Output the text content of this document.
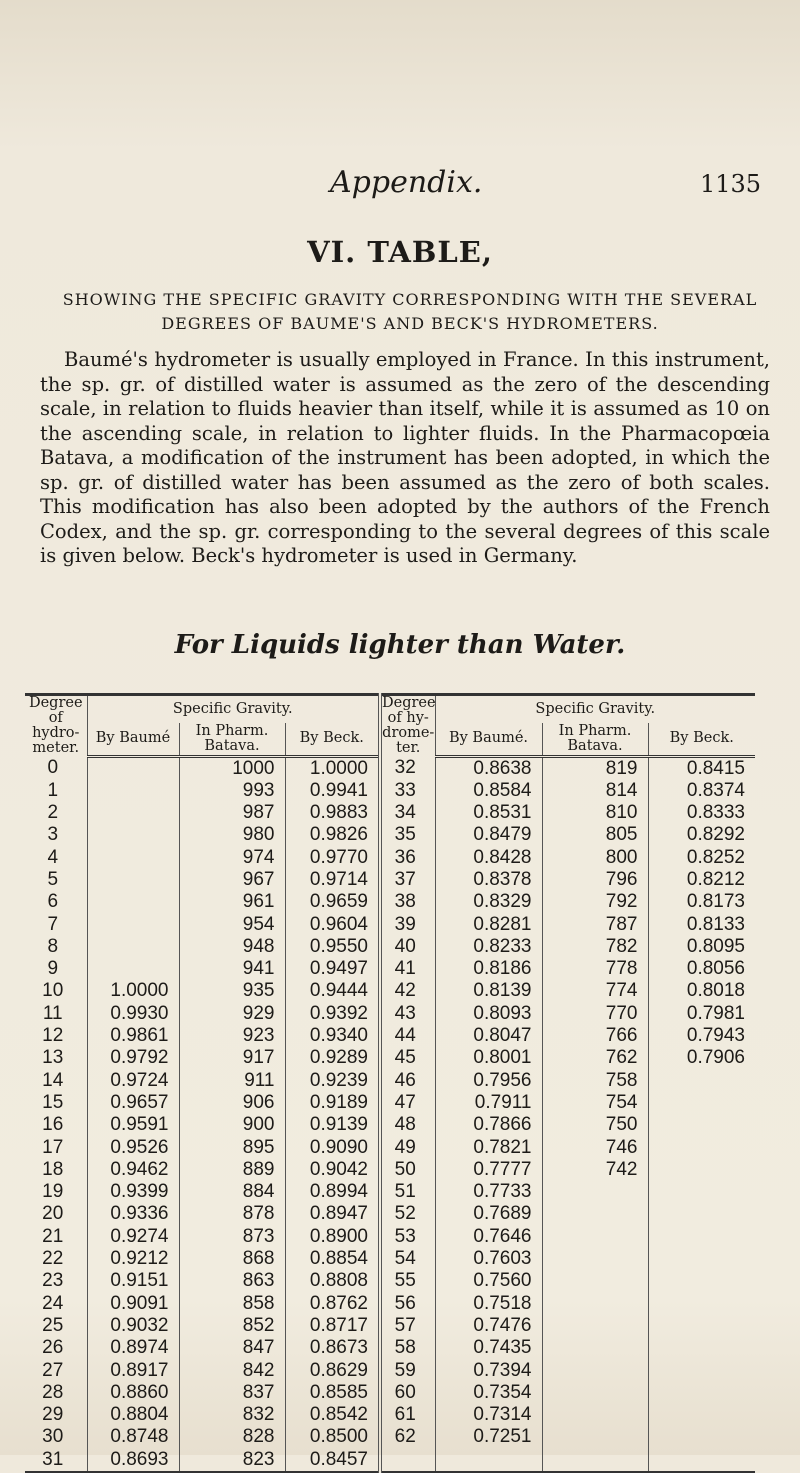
Appendix.	1135
VI. TABLE,
SHOWING THE SPECIFIC GRAVITY CORRESPONDING WITH THE SEVERAL DEGREES OF BAUME'S AND BECK'S HYDROMETERS.

Baumé's hydrometer is usually employed in France. In this instrument, the sp. gr. of distilled water is assumed as the zero of the descending scale, in relation to fluids heavier than itself, while it is assumed as 10 on the ascending scale, in relation to lighter fluids. In the Pharmacopœia Batava, a modification of the instrument has been adopted, in which the sp. gr. of distilled water has been assumed as the zero of both scales. This modification has also been adopted by the authors of the French Codex, and the sp. gr. corresponding to the several degrees of this scale is given below. Beck's hydrometer is used in Germany.

For Liquids lighter than Water.
Degree of hydro-meter.	Specific Gravity.			Degree of hy-drome-ter.	Specific Gravity.		
	By Baumé	In Pharm. Batava.	By Beck.		By Baumé.	In Pharm. Batava.	By Beck.
0		1000	1.0000	32	0.8638	819	0.8415
1		993	0.9941	33	0.8584	814	0.8374
2		987	0.9883	34	0.8531	810	0.8333
3		980	0.9826	35	0.8479	805	0.8292
4		974	0.9770	36	0.8428	800	0.8252
5		967	0.9714	37	0.8378	796	0.8212
6		961	0.9659	38	0.8329	792	0.8173
7		954	0.9604	39	0.8281	787	0.8133
8		948	0.9550	40	0.8233	782	0.8095
9		941	0.9497	41	0.8186	778	0.8056
10	1.0000	935	0.9444	42	0.8139	774	0.8018
11	0.9930	929	0.9392	43	0.8093	770	0.7981
12	0.9861	923	0.9340	44	0.8047	766	0.7943
13	0.9792	917	0.9289	45	0.8001	762	0.7906
14	0.9724	911	0.9239	46	0.7956	758	
15	0.9657	906	0.9189	47	0.7911	754	
16	0.9591	900	0.9139	48	0.7866	750	
17	0.9526	895	0.9090	49	0.7821	746	
18	0.9462	889	0.9042	50	0.7777	742	
19	0.9399	884	0.8994	51	0.7733		
20	0.9336	878	0.8947	52	0.7689		
21	0.9274	873	0.8900	53	0.7646		
22	0.9212	868	0.8854	54	0.7603		
23	0.9151	863	0.8808	55	0.7560		
24	0.9091	858	0.8762	56	0.7518		
25	0.9032	852	0.8717	57	0.7476		
26	0.8974	847	0.8673	58	0.7435		
27	0.8917	842	0.8629	59	0.7394		
28	0.8860	837	0.8585	60	0.7354		
29	0.8804	832	0.8542	61	0.7314		
30	0.8748	828	0.8500	62	0.7251		
31	0.8693	823	0.8457				
